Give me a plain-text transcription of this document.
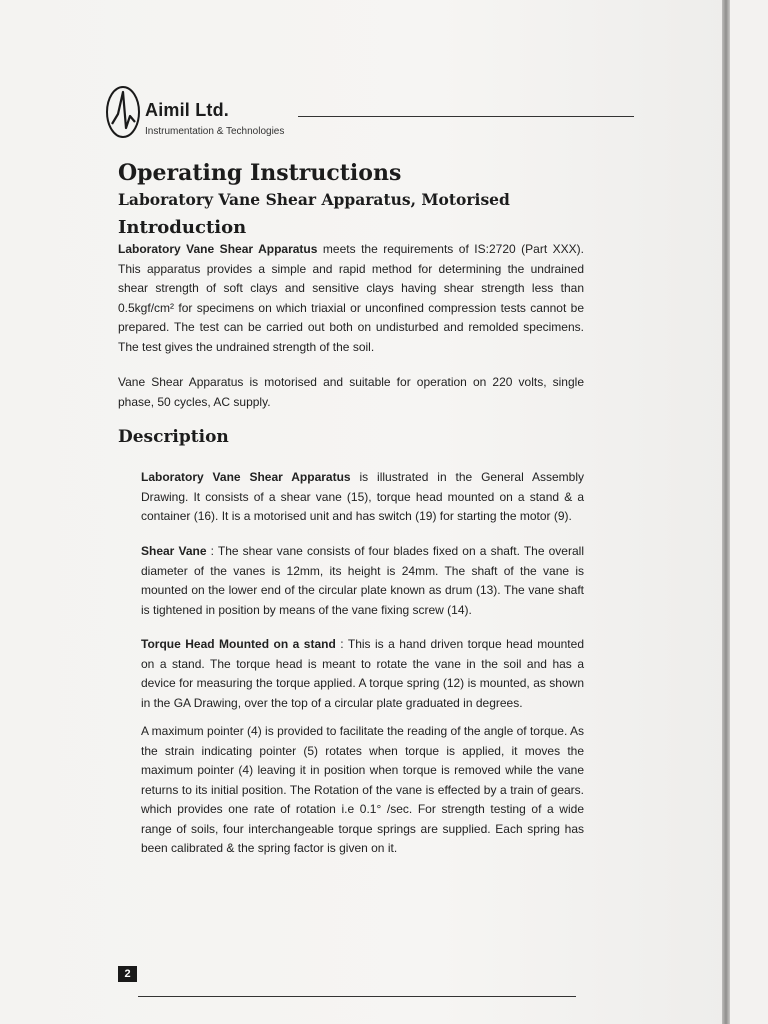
Aimil Ltd.
Instrumentation & Technologies
Operating Instructions
Laboratory Vane Shear Apparatus, Motorised
Introduction

Laboratory Vane Shear Apparatus meets the requirements of IS:2720 (Part XXX). This apparatus provides a simple and rapid method for determining the undrained shear strength of soft clays and sensitive clays having shear strength less than 0.5kgf/cm² for specimens on which triaxial or unconfined compression tests cannot be prepared. The test can be carried out both on undisturbed and remolded specimens. The test gives the undrained strength of the soil.

Vane Shear Apparatus is motorised and suitable for operation on 220 volts, single phase, 50 cycles, AC supply.

Description

Laboratory Vane Shear Apparatus is illustrated in the General Assembly Drawing. It consists of a shear vane (15), torque head mounted on a stand & a container (16). It is a motorised unit and has switch (19) for starting the motor (9).

Shear Vane : The shear vane consists of four blades fixed on a shaft. The overall diameter of the vanes is 12mm, its height is 24mm. The shaft of the vane is mounted on the lower end of the circular plate known as drum (13). The vane shaft is tightened in position by means of the vane fixing screw (14).

Torque Head Mounted on a stand : This is a hand driven torque head mounted on a stand. The torque head is meant to rotate the vane in the soil and has a device for measuring the torque applied. A torque spring (12) is mounted, as shown in the GA Drawing, over the top of a circular plate graduated in degrees.

A maximum pointer (4) is provided to facilitate the reading of the angle of torque. As the strain indicating pointer (5) rotates when torque is applied, it moves the maximum pointer (4) leaving it in position when torque is removed while the vane returns to its initial position. The Rotation of the vane is effected by a train of gears. which provides one rate of rotation i.e 0.1° /sec. For strength testing of a wide range of soils, four interchangeable torque springs are supplied. Each spring has been calibrated & the spring factor is given on it.

2
